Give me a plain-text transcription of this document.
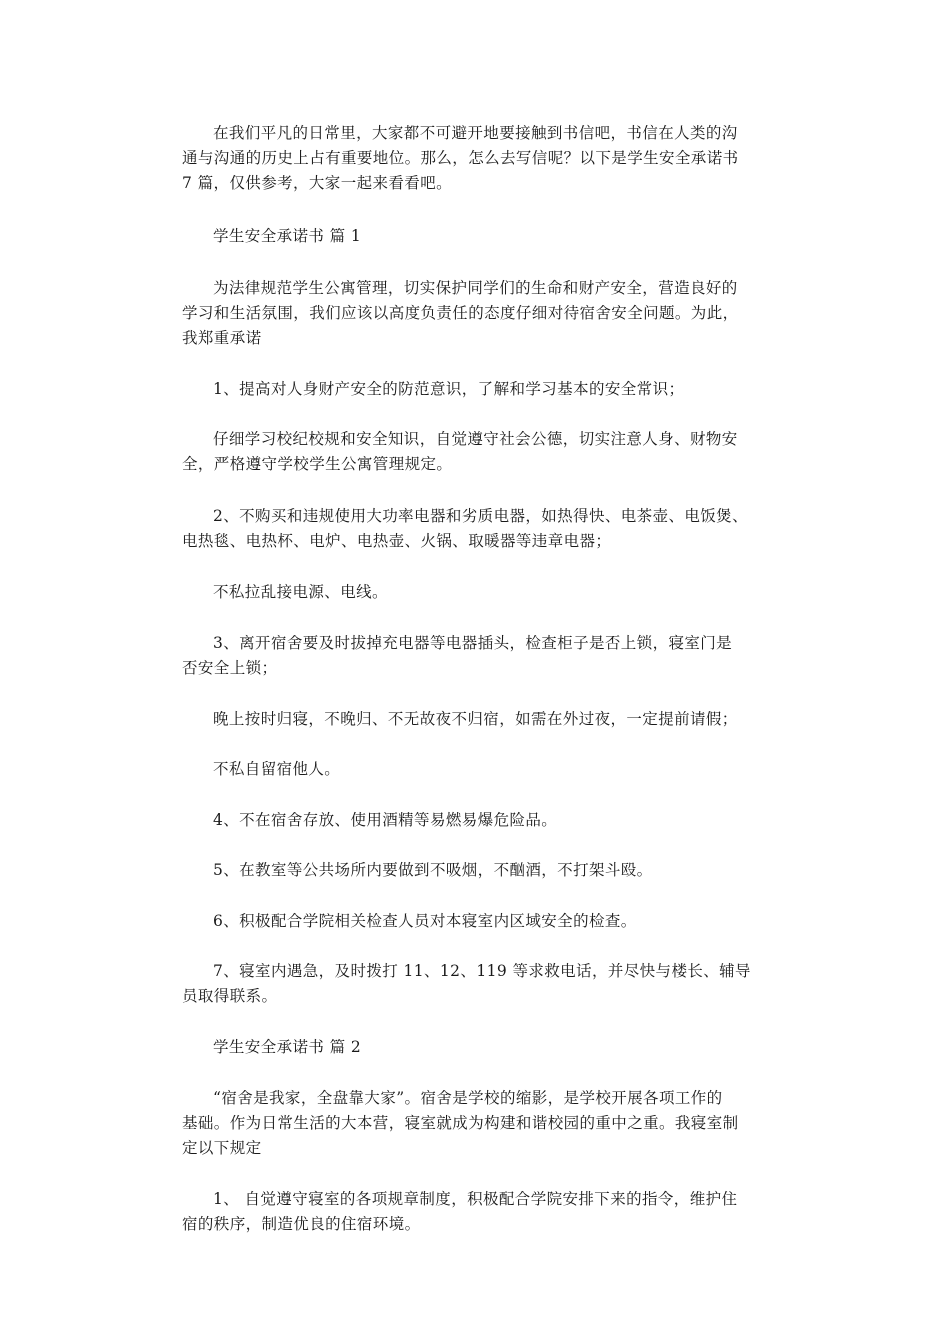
在我们平凡的日常里，大家都不可避开地要接触到书信吧，书信在人类的沟
通与沟通的历史上占有重要地位。那么，怎么去写信呢？以下是学生安全承诺书
7 篇，仅供参考，大家一起来看看吧。
学生安全承诺书 篇 1
为法律规范学生公寓管理，切实保护同学们的生命和财产安全，营造良好的
学习和生活氛围，我们应该以高度负责任的态度仔细对待宿舍安全问题。为此，
我郑重承诺
1、提高对人身财产安全的防范意识，了解和学习基本的安全常识；
仔细学习校纪校规和安全知识，自觉遵守社会公德，切实注意人身、财物安
全，严格遵守学校学生公寓管理规定。
2、不购买和违规使用大功率电器和劣质电器，如热得快、电茶壶、电饭煲、
电热毯、电热杯、电炉、电热壶、火锅、取暖器等违章电器；
不私拉乱接电源、电线。
3、离开宿舍要及时拔掉充电器等电器插头，检查柜子是否上锁，寝室门是
否安全上锁；
晚上按时归寝，不晚归、不无故夜不归宿，如需在外过夜，一定提前请假；
不私自留宿他人。
4、不在宿舍存放、使用酒精等易燃易爆危险品。
5、在教室等公共场所内要做到不吸烟，不酗酒，不打架斗殴。
6、积极配合学院相关检查人员对本寝室内区域安全的检查。
7、寝室内遇急，及时拨打 11、12、119 等求救电话，并尽快与楼长、辅导
员取得联系。
学生安全承诺书 篇 2
“宿舍是我家，全盘靠大家”。宿舍是学校的缩影，是学校开展各项工作的
基础。作为日常生活的大本营，寝室就成为构建和谐校园的重中之重。我寝室制
定以下规定
1、 自觉遵守寝室的各项规章制度，积极配合学院安排下来的指令，维护住
宿的秩序，制造优良的住宿环境。
